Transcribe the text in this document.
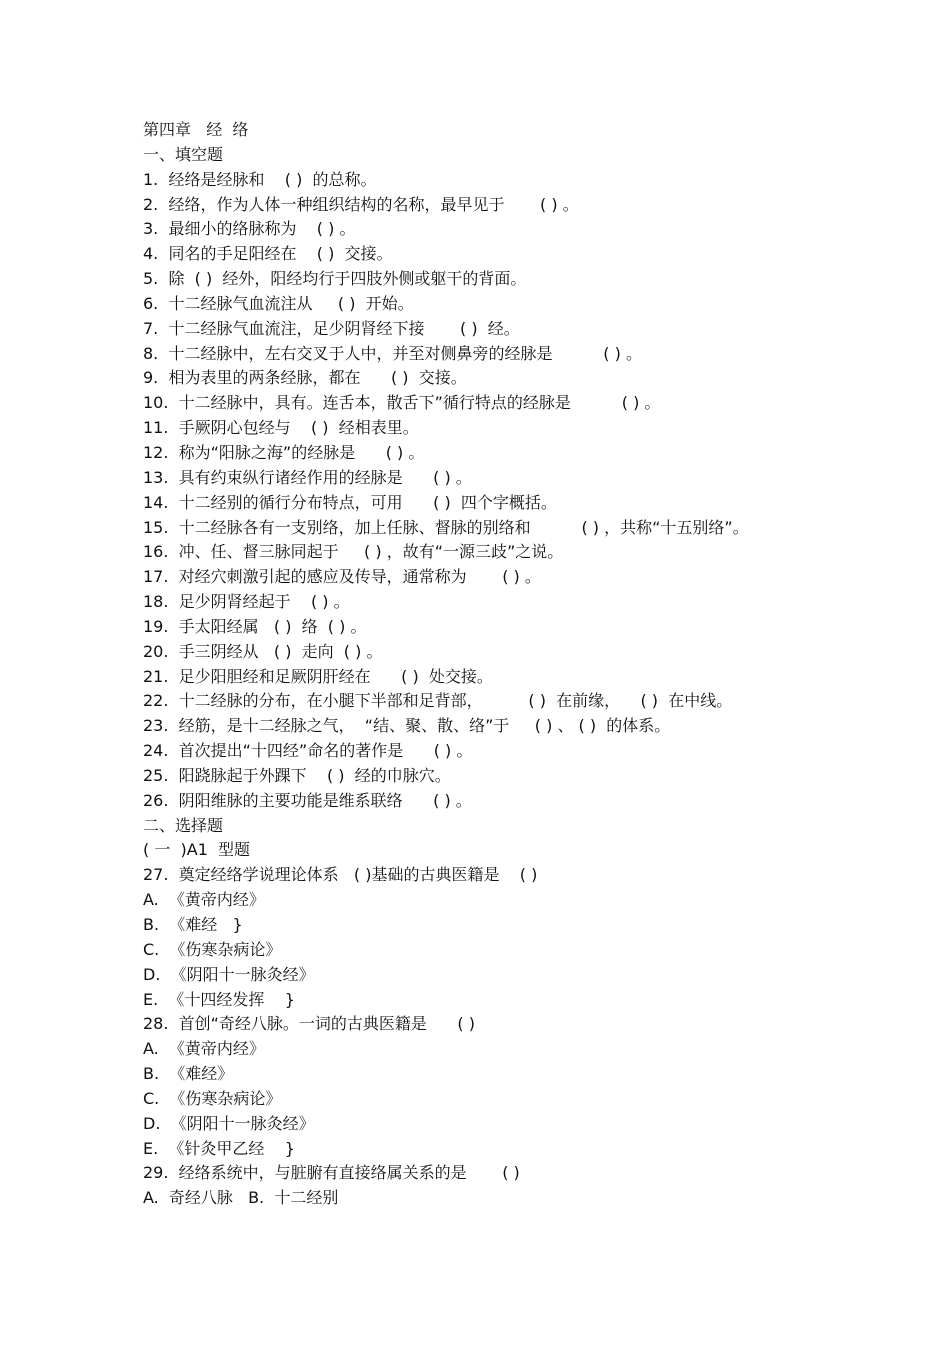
第四章   经  络
一、填空题
1.  经络是经脉和    ( )  的总称。
2.  经络，作为人体一种组织结构的名称，最早见于       ( ) 。
3.  最细小的络脉称为    ( ) 。
4.  同名的手足阳经在    ( )  交接。
5.  除  ( )  经外，阳经均行于四肢外侧或躯干的背面。
6.  十二经脉气血流注从     ( )  开始。
7.  十二经脉气血流注，足少阴肾经下接       ( )  经。
8.  十二经脉中，左右交叉于人中，并至对侧鼻旁的经脉是          ( ) 。
9.  相为表里的两条经脉，都在      ( )  交接。
10.  十二经脉中，具有。连舌本，散舌下”循行特点的经脉是          ( ) 。
11.  手厥阴心包经与    ( )  经相表里。
12.  称为“阳脉之海”的经脉是      ( ) 。
13.  具有约束纵行诸经作用的经脉是      ( ) 。
14.  十二经别的循行分布特点，可用      ( )  四个字概括。
15.  十二经脉各有一支别络，加上任脉、督脉的别络和          ( ) ，共称“十五别络”。
16.  冲、任、督三脉同起于     ( ) ，故有“一源三歧”之说。
17.  对经穴刺激引起的感应及传导，通常称为       ( ) 。
18.  足少阴肾经起于    ( ) 。
19.  手太阳经属   ( )  络  ( ) 。
20.  手三阴经从   ( )  走向  ( ) 。
21.  足少阳胆经和足厥阴肝经在      ( )  处交接。
22.  十二经脉的分布，在小腿下半部和足背部，         ( )  在前缘，    ( )  在中线。
23.  经筋，是十二经脉之气，  “结、聚、散、络”于     ( ) 、 ( )  的体系。
24.  首次提出“十四经”命名的著作是      ( ) 。
25.  阳跷脉起于外踝下    ( )  经的巾脉穴。
26.  阴阳维脉的主要功能是维系联络      ( ) 。
二、选择题
( 一  )A1  型题
27.  奠定经络学说理论体系   ( )基础的古典医籍是    ( )
A.  《黄帝内经》
B.  《难经   }
C.  《伤寒杂病论》
D.  《阴阳十一脉灸经》
E.  《十四经发挥    }
28.  首创“奇经八脉。一词的古典医籍是      ( )
A.  《黄帝内经》
B.  《难经》
C.  《伤寒杂病论》
D.  《阴阳十一脉灸经》
E.  《针灸甲乙经    }
29.  经络系统中，与脏腑有直接络属关系的是       ( )
A.  奇经八脉   B.  十二经别
